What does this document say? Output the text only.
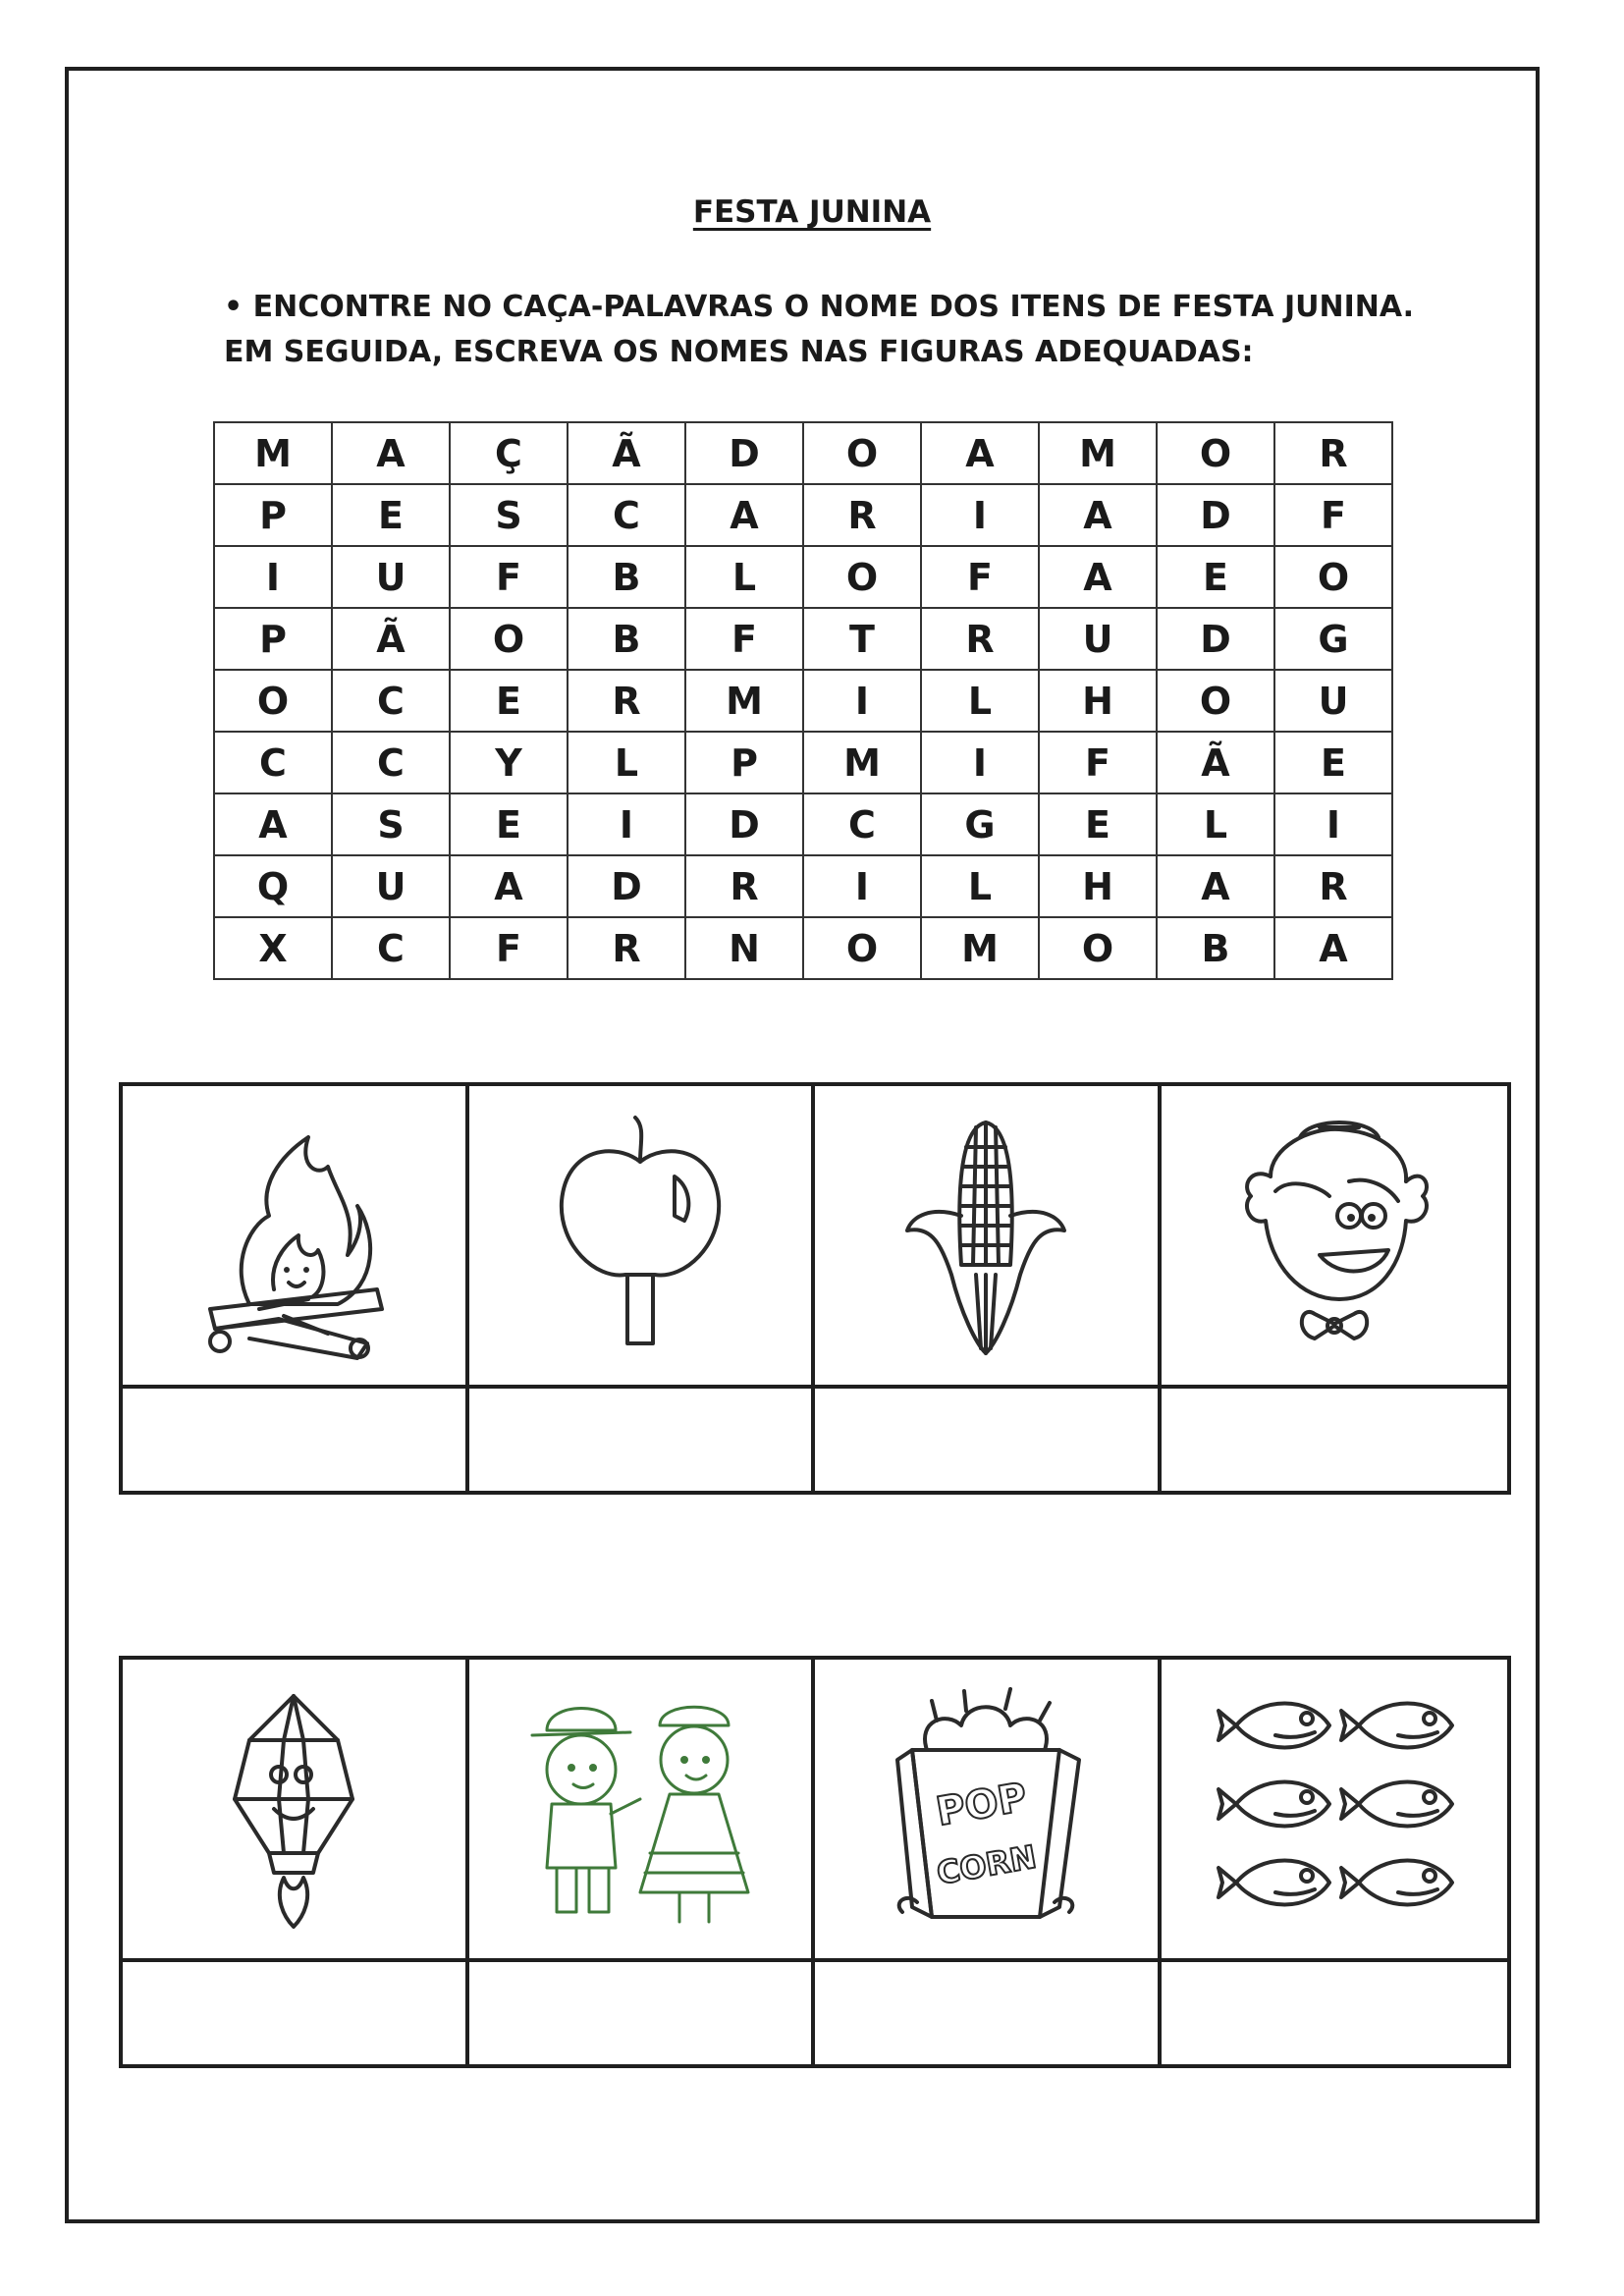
FESTA JUNINA
• ENCONTRE NO CAÇA-PALAVRAS O NOME DOS ITENS DE FESTA JUNINA.
EM SEGUIDA, ESCREVA OS NOMES NAS FIGURAS ADEQUADAS:
M	A	Ç	Ã	D	O	A	M	O	R
P	E	S	C	A	R	I	A	D	F
I	U	F	B	L	O	F	A	E	O
P	Ã	O	B	F	T	R	U	D	G
O	C	E	R	M	I	L	H	O	U
C	C	Y	L	P	M	I	F	Ã	E
A	S	E	I	D	C	G	E	L	I
Q	U	A	D	R	I	L	H	A	R
X	C	F	R	N	O	M	O	B	A
POP
CORN
